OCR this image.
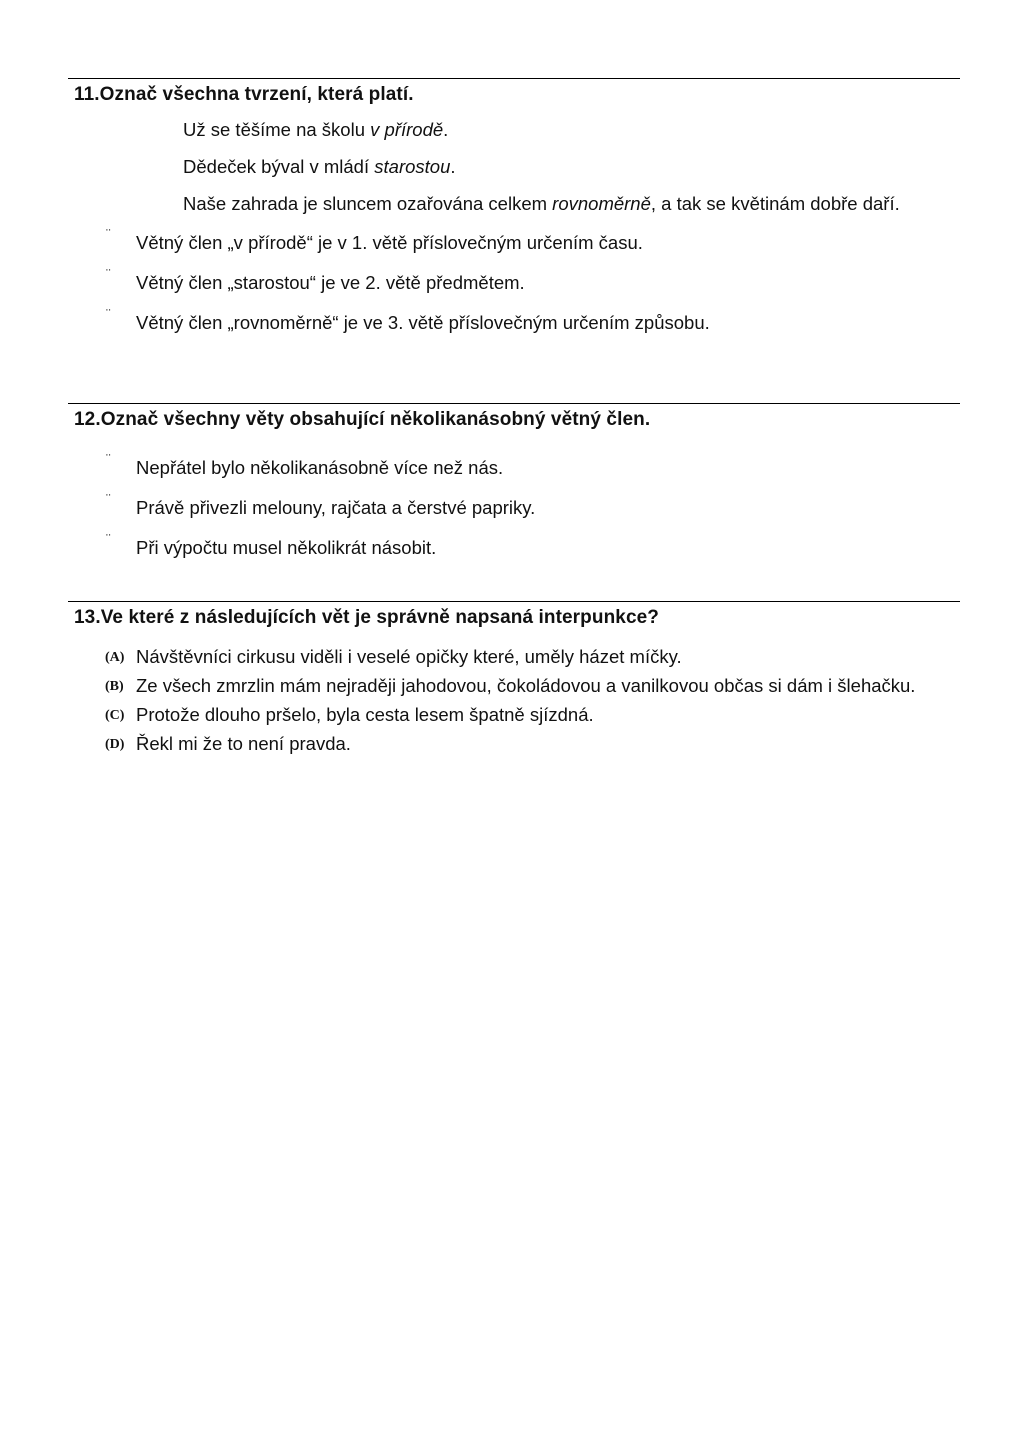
11.Označ všechna tvrzení, která platí.
Už se těšíme na školu v přírodě.
Dědeček býval v mládí starostou.
Naše zahrada je sluncem ozařována celkem rovnoměrně, a tak se květinám dobře daří.
¨ Větný člen „v přírodě“ je v 1. větě příslovečným určením času.
¨ Větný člen „starostou“ je ve 2. větě předmětem.
¨ Větný člen „rovnoměrně“ je ve 3. větě příslovečným určením způsobu.
12.Označ všechny věty obsahující několikanásobný větný člen.
¨ Nepřátel bylo několikanásobně více než nás.
¨ Právě přivezli melouny, rajčata a čerstvé papriky.
¨ Při výpočtu musel několikrát násobit.
13.Ve které z následujících vět je správně napsaná interpunkce?
(A) Návštěvníci cirkusu viděli i veselé opičky které, uměly házet míčky.
(B) Ze všech zmrzlin mám nejraději jahodovou, čokoládovou a vanilkovou občas si dám i šlehačku.
(C) Protože dlouho pršelo, byla cesta lesem špatně sjízdná.
(D) Řekl mi že to není pravda.
